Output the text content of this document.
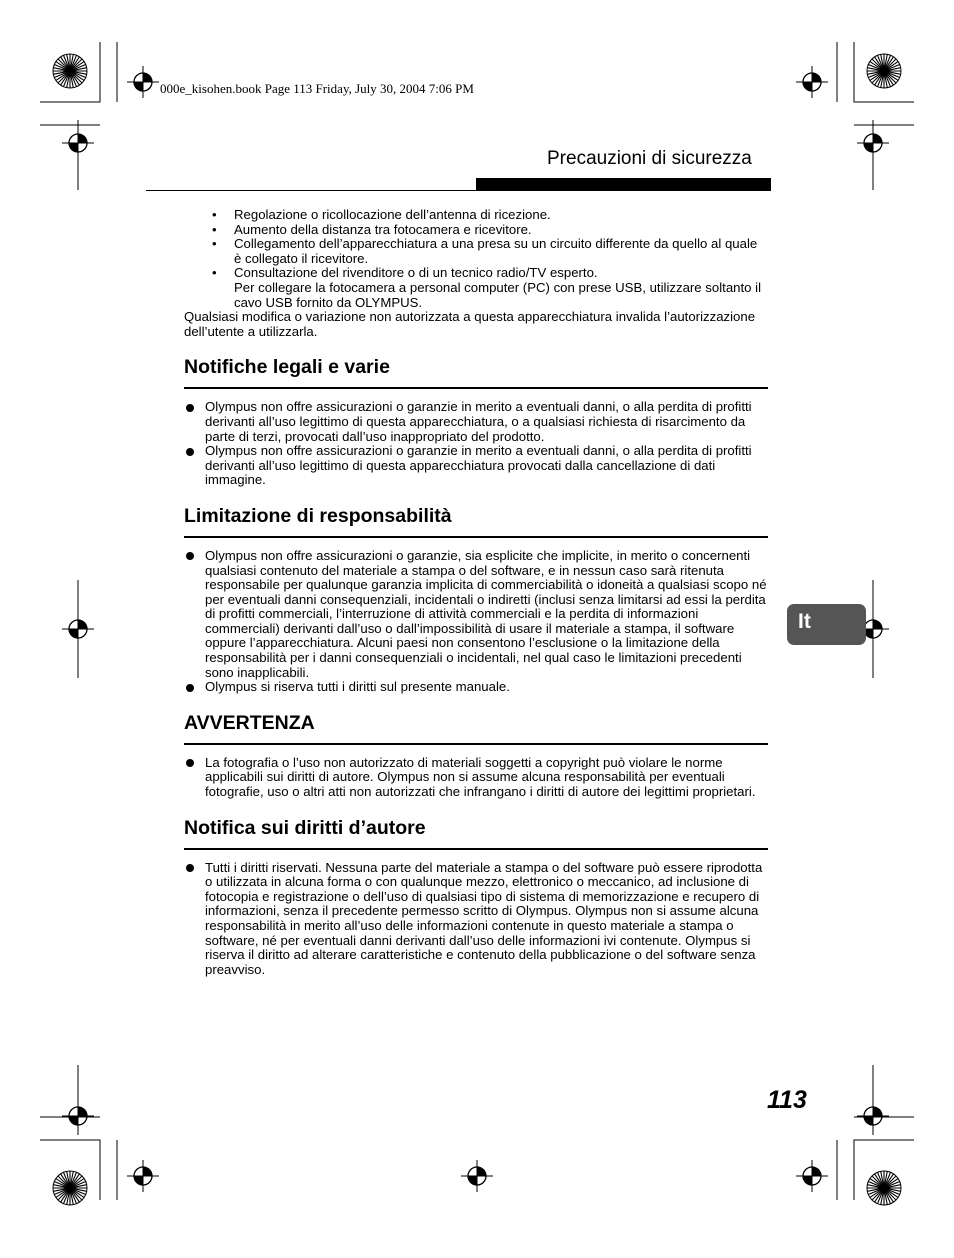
000e_kisohen.book Page 113 Friday, July 30, 2004 7:06 PM
Precauzioni di sicurezza
• Regolazione o ricollocazione dell’antenna di ricezione.
• Aumento della distanza tra fotocamera e ricevitore.
• Collegamento dell’apparecchiatura a una presa su un circuito differente da quello al quale è collegato il ricevitore.
• Consultazione del rivenditore o di un tecnico radio/TV esperto.

Per collegare la fotocamera a personal computer (PC) con prese USB, utilizzare soltanto il cavo USB fornito da OLYMPUS.

Qualsiasi modifica o variazione non autorizzata a questa apparecchiatura invalida l’autorizzazione dell’utente a utilizzarla.

Notifiche legali e varie
Olympus non offre assicurazioni o garanzie in merito a eventuali danni, o alla perdita di profitti derivanti all’uso legittimo di questa apparecchiatura, o a qualsiasi richiesta di risarcimento da parte di terzi, provocati dall’uso inappropriato del prodotto.
Olympus non offre assicurazioni o garanzie in merito a eventuali danni, o alla perdita di profitti derivanti all’uso legittimo di questa apparecchiatura provocati dalla cancellazione di dati immagine.
Limitazione di responsabilità
Olympus non offre assicurazioni o garanzie, sia esplicite che implicite, in merito o concernenti qualsiasi contenuto del materiale a stampa o del software, e in nessun caso sarà ritenuta responsabile per qualunque garanzia implicita di commerciabilità o idoneità a qualsiasi scopo né per eventuali danni consequenziali, incidentali o indiretti (inclusi senza limitarsi ad essi la perdita di profitti commerciali, l’interruzione di attività commerciali e la perdita di informazioni commerciali) derivanti dall’uso o dall’impossibilità di usare il materiale a stampa, il software oppure l’apparecchiatura. Alcuni paesi non consentono l’esclusione o la limitazione della responsabilità per i danni consequenziali o incidentali, nel qual caso le limitazioni precedenti sono inapplicabili.
Olympus si riserva tutti i diritti sul presente manuale.
AVVERTENZA
La fotografia o l’uso non autorizzato di materiali soggetti a copyright può violare le norme applicabili sui diritti di autore. Olympus non si assume alcuna responsabilità per eventuali fotografie, uso o altri atti non autorizzati che infrangano i diritti di autore dei legittimi proprietari.
Notifica sui diritti d’autore
Tutti i diritti riservati. Nessuna parte del materiale a stampa o del software può essere riprodotta o utilizzata in alcuna forma o con qualunque mezzo, elettronico o meccanico, ad inclusione di fotocopia e registrazione o dell’uso di qualsiasi tipo di sistema di memorizzazione e recupero di informazioni, senza il precedente permesso scritto di Olympus. Olympus non si assume alcuna responsabilità in merito all’uso delle informazioni contenute in questo materiale a stampa o software, né per eventuali danni derivanti dall’uso delle informazioni ivi contenute. Olympus si riserva il diritto ad alterare caratteristiche e contenuto della pubblicazione o del software senza preavviso.
It
113
